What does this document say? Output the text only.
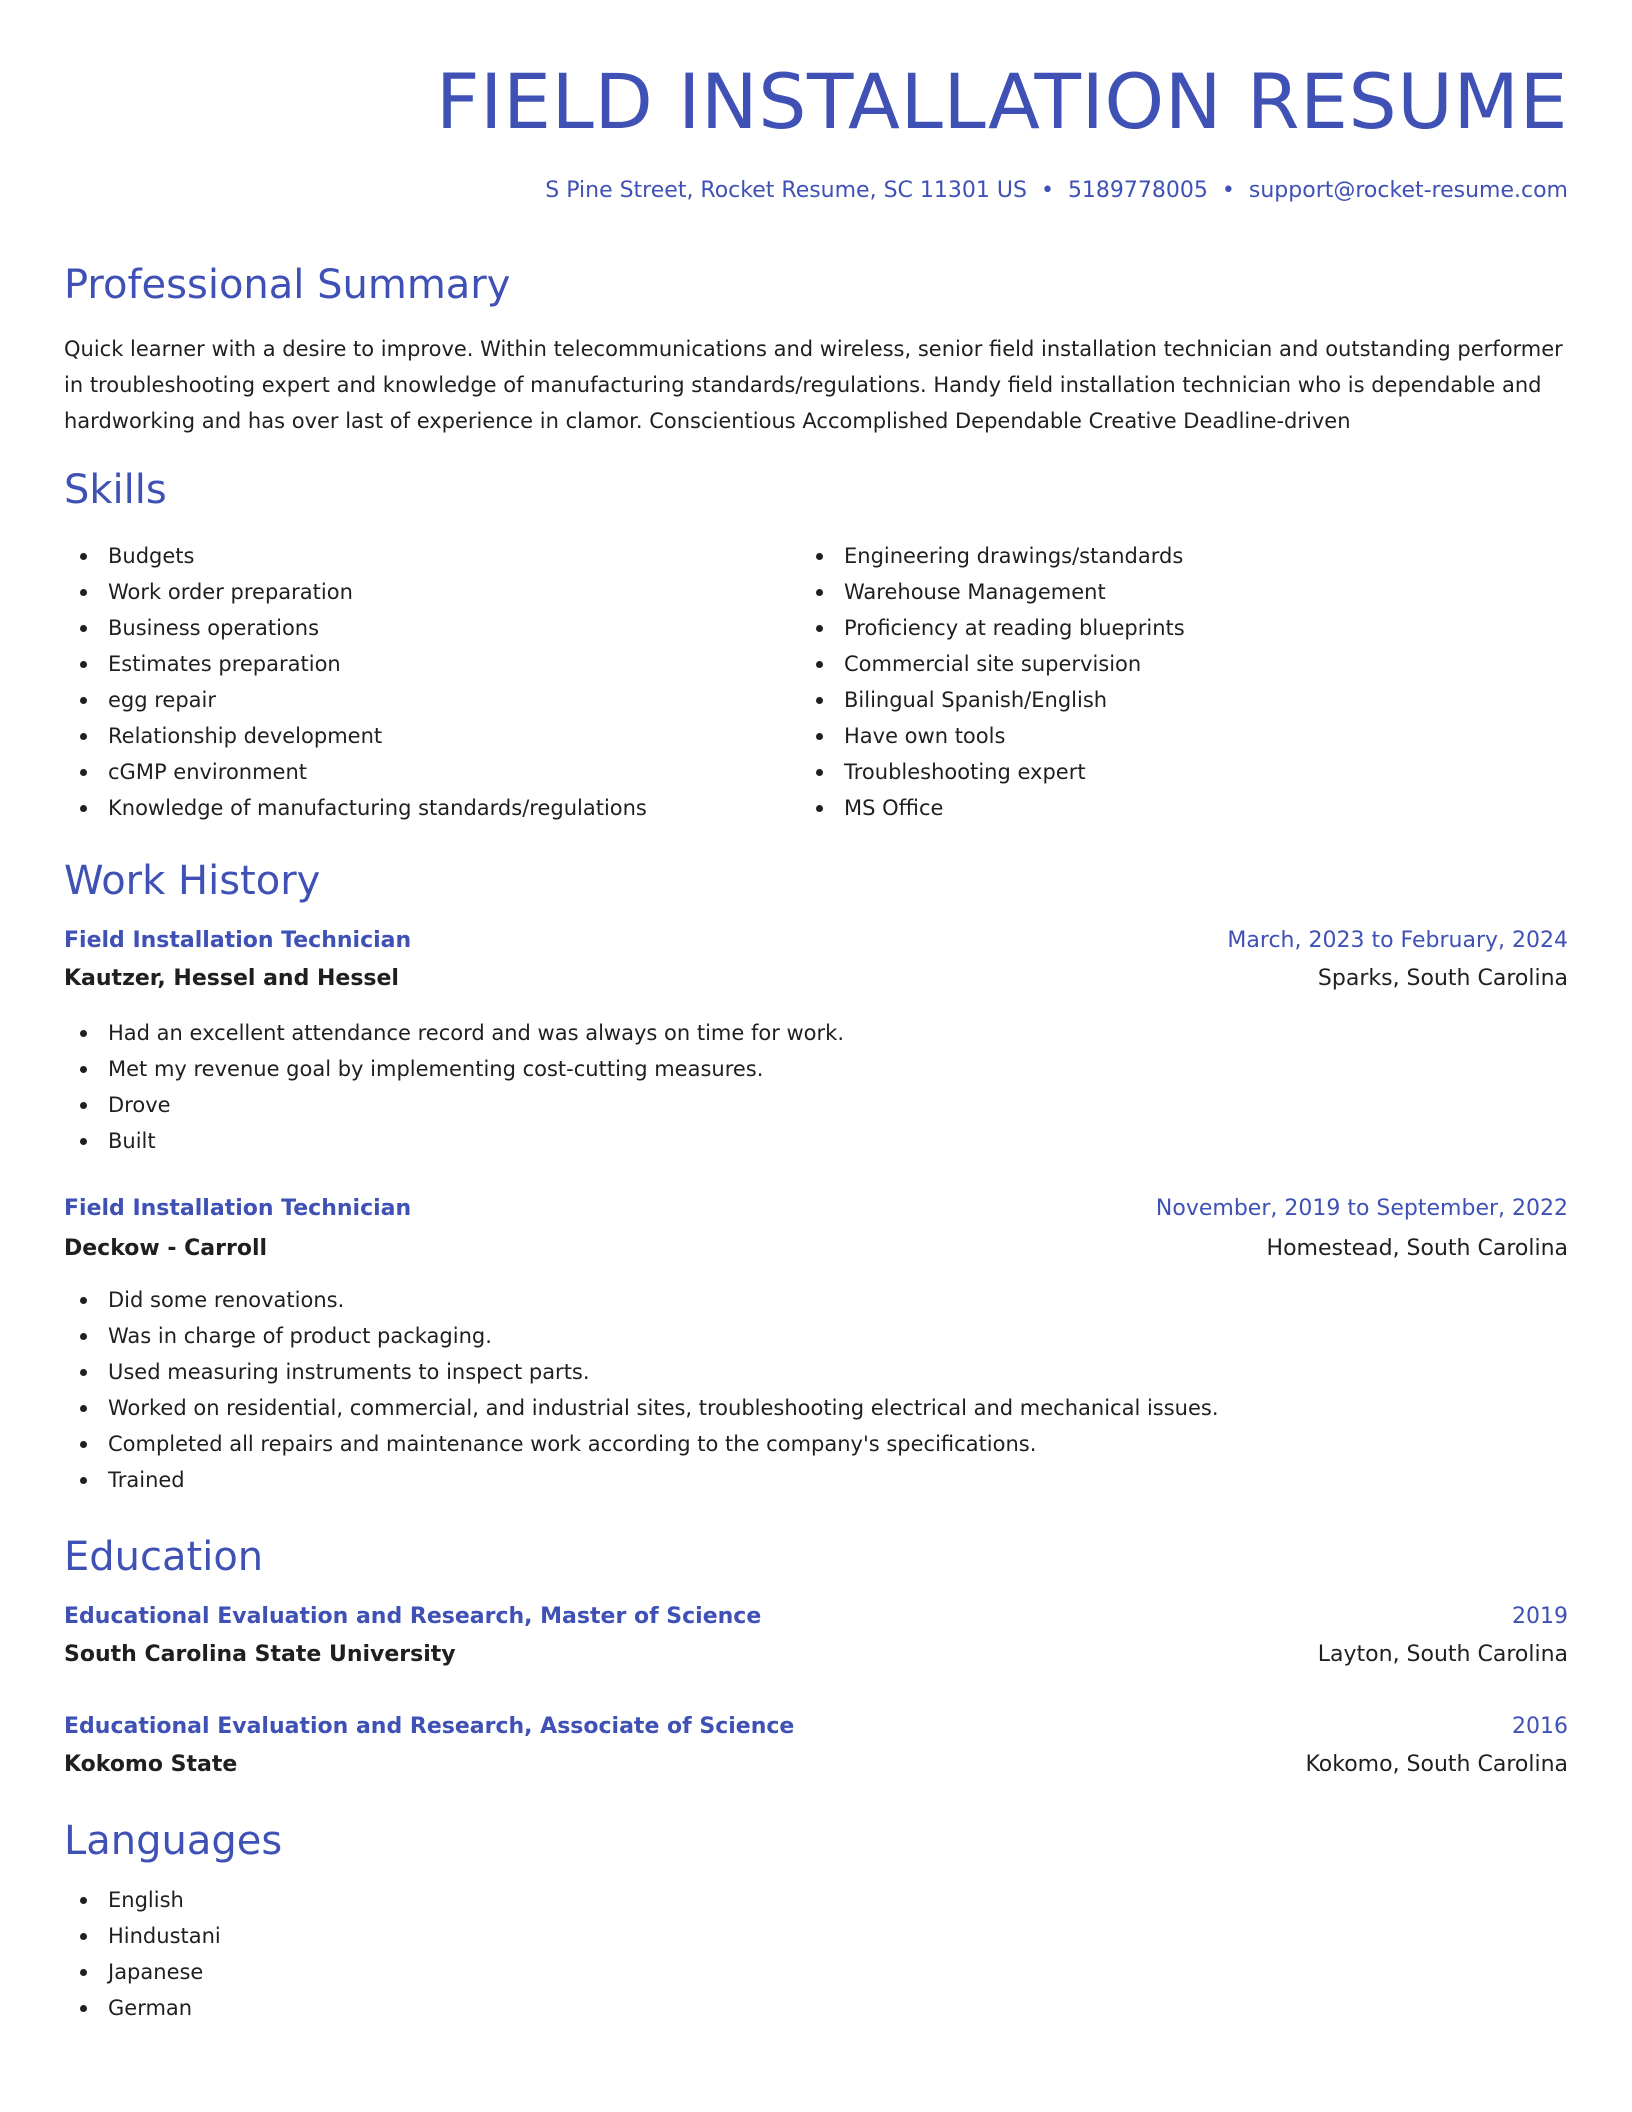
FIELD INSTALLATION RESUME
S Pine Street, Rocket Resume, SC 11301 US • 5189778005 • support@rocket-resume.com
Professional Summary

Quick learner with a desire to improve. Within telecommunications and wireless, senior field installation technician and outstanding performer in troubleshooting expert and knowledge of manufacturing standards/regulations. Handy field installation technician who is dependable and hardworking and has over last of experience in clamor. Conscientious Accomplished Dependable Creative Deadline-driven

Skills
Budgets
Work order preparation
Business operations
Estimates preparation
egg repair
Relationship development
cGMP environment
Knowledge of manufacturing standards/regulations
Engineering drawings/standards
Warehouse Management
Proficiency at reading blueprints
Commercial site supervision
Bilingual Spanish/English
Have own tools
Troubleshooting expert
MS Office
Work History
Field Installation Technician	March, 2023 to February, 2024
Kautzer, Hessel and Hessel	Sparks, South Carolina
Had an excellent attendance record and was always on time for work.
Met my revenue goal by implementing cost-cutting measures.
Drove
Built
Field Installation Technician	November, 2019 to September, 2022
Deckow - Carroll	Homestead, South Carolina
Did some renovations.
Was in charge of product packaging.
Used measuring instruments to inspect parts.
Worked on residential, commercial, and industrial sites, troubleshooting electrical and mechanical issues.
Completed all repairs and maintenance work according to the company's specifications.
Trained
Education
Educational Evaluation and Research, Master of Science	2019
South Carolina State University	Layton, South Carolina
Educational Evaluation and Research, Associate of Science	2016
Kokomo State	Kokomo, South Carolina
Languages
English
Hindustani
Japanese
German
